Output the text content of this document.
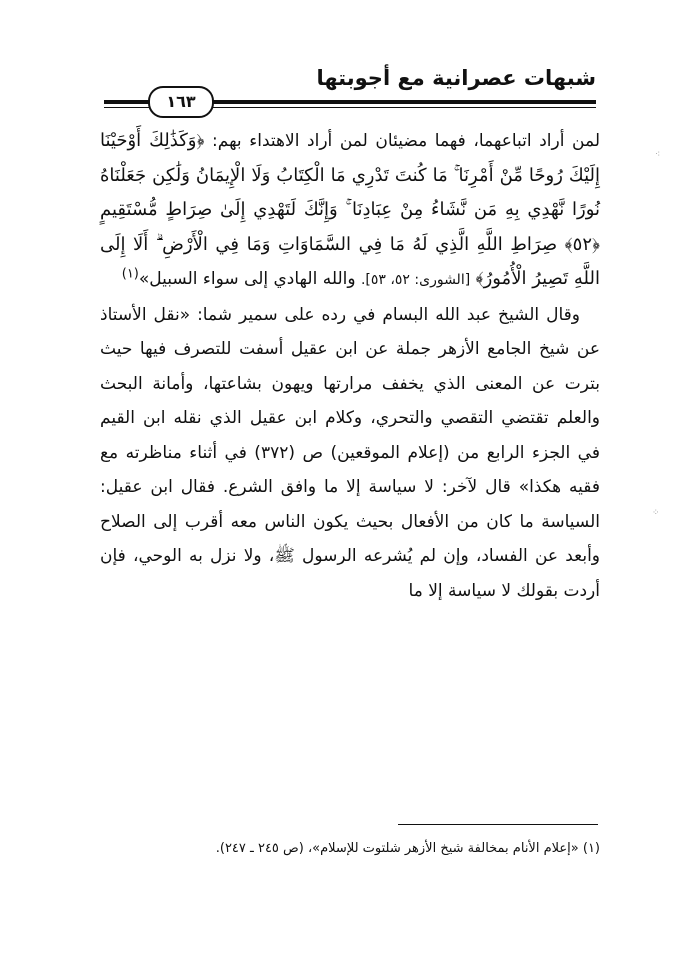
شبهات عصرانية مع أجوبتها
١٦٣

لمن أراد اتباعهما، فهما مضيئان لمن أراد الاهتداء بهم: ﴿وَكَذَٰلِكَ أَوْحَيْنَا إِلَيْكَ رُوحًا مِّنْ أَمْرِنَا ۚ مَا كُنتَ تَدْرِي مَا الْكِتَابُ وَلَا الْإِيمَانُ وَلَٰكِن جَعَلْنَاهُ نُورًا نَّهْدِي بِهِ مَن نَّشَاءُ مِنْ عِبَادِنَا ۚ وَإِنَّكَ لَتَهْدِي إِلَىٰ صِرَاطٍ مُّسْتَقِيمٍ ﴿٥٢﴾ صِرَاطِ اللَّهِ الَّذِي لَهُ مَا فِي السَّمَاوَاتِ وَمَا فِي الْأَرْضِ ۗ أَلَا إِلَى اللَّهِ تَصِيرُ الْأُمُورُ﴾ [الشورى: ٥٢، ٥٣]. والله الهادي إلى سواء السبيل»$^{(١)}$

وقال الشيخ عبد الله البسام في رده على سمير شما: «نقل الأستاذ عن شيخ الجامع الأزهر جملة عن ابن عقيل أسفت للتصرف فيها حيث بترت عن المعنى الذي يخفف مرارتها ويهون بشاعتها، وأمانة البحث والعلم تقتضي التقصي والتحري، وكلام ابن عقيل الذي نقله ابن القيم في الجزء الرابع من (إعلام الموقعين) ص (٣٧٢) في أثناء مناظرته مع فقيه هكذا» قال لآخر: لا سياسة إلا ما وافق الشرع. فقال ابن عقيل: السياسة ما كان من الأفعال بحيث يكون الناس معه أقرب إلى الصلاح وأبعد عن الفساد، وإن لم يُشرعه الرسول ﷺ، ولا نزل به الوحي، فإن أردت بقولك لا سياسة إلا ما

(١) «إعلام الأنام بمخالفة شيخ الأزهر شلتوت للإسلام»، (ص ٢٤٥ ـ ٢٤٧).
⁖
⁘
